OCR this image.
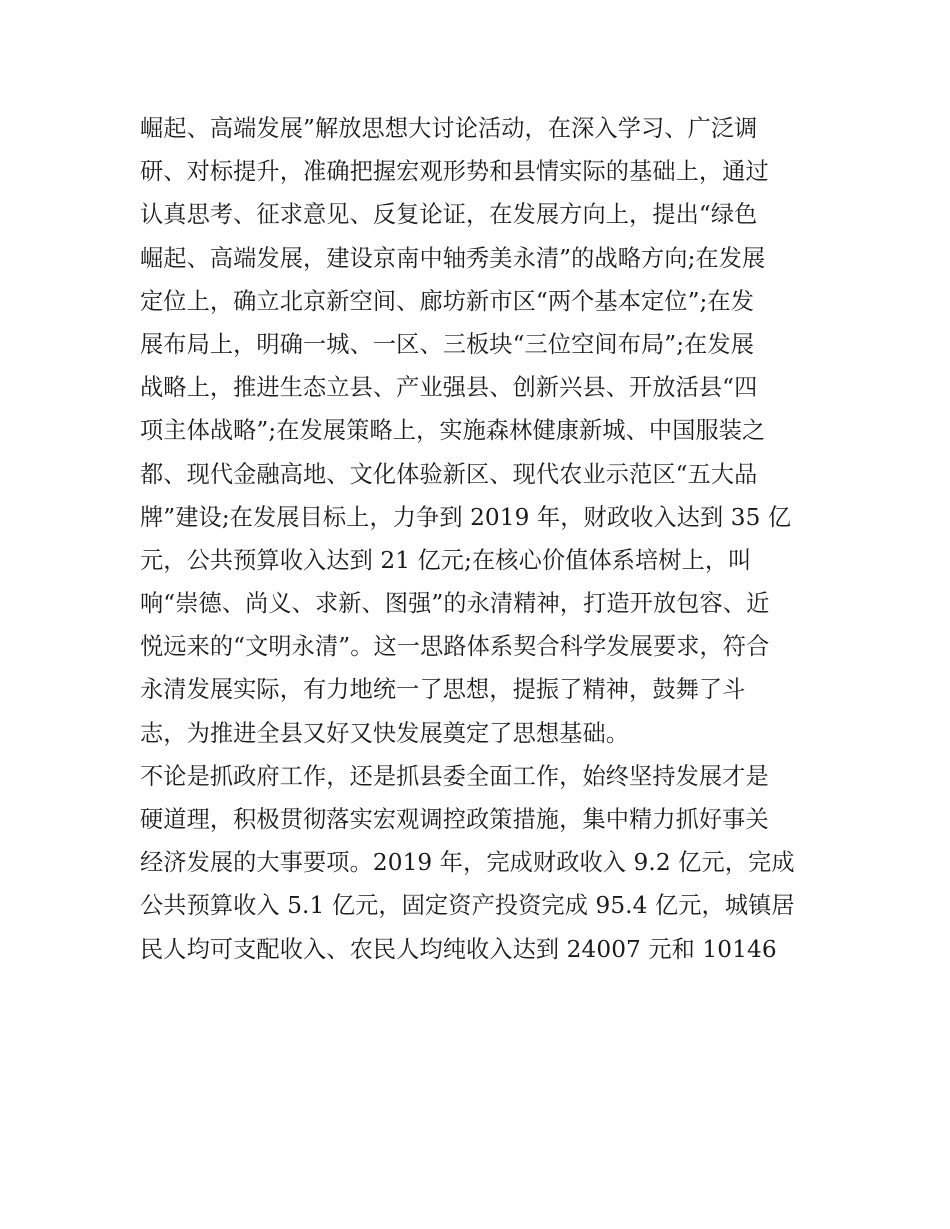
崛起、高端发展”解放思想大讨论活动，在深入学习、广泛调
研、对标提升，准确把握宏观形势和县情实际的基础上，通过
认真思考、征求意见、反复论证，在发展方向上，提出“绿色
崛起、高端发展，建设京南中轴秀美永清”的战略方向;在发展
定位上，确立北京新空间、廊坊新市区“两个基本定位”;在发
展布局上，明确一城、一区、三板块“三位空间布局”;在发展
战略上，推进生态立县、产业强县、创新兴县、开放活县“四
项主体战略”;在发展策略上，实施森林健康新城、中国服装之
都、现代金融高地、文化体验新区、现代农业示范区“五大品
牌”建设;在发展目标上，力争到 2019 年，财政收入达到 35 亿
元，公共预算收入达到 21 亿元;在核心价值体系培树上，叫
响“崇德、尚义、求新、图强”的永清精神，打造开放包容、近
悦远来的“文明永清”。这一思路体系契合科学发展要求，符合
永清发展实际，有力地统一了思想，提振了精神，鼓舞了斗
志，为推进全县又好又快发展奠定了思想基础。
不论是抓政府工作，还是抓县委全面工作，始终坚持发展才是
硬道理，积极贯彻落实宏观调控政策措施，集中精力抓好事关
经济发展的大事要项。2019 年，完成财政收入 9.2 亿元，完成
公共预算收入 5.1 亿元，固定资产投资完成 95.4 亿元，城镇居
民人均可支配收入、农民人均纯收入达到 24007 元和 10146
